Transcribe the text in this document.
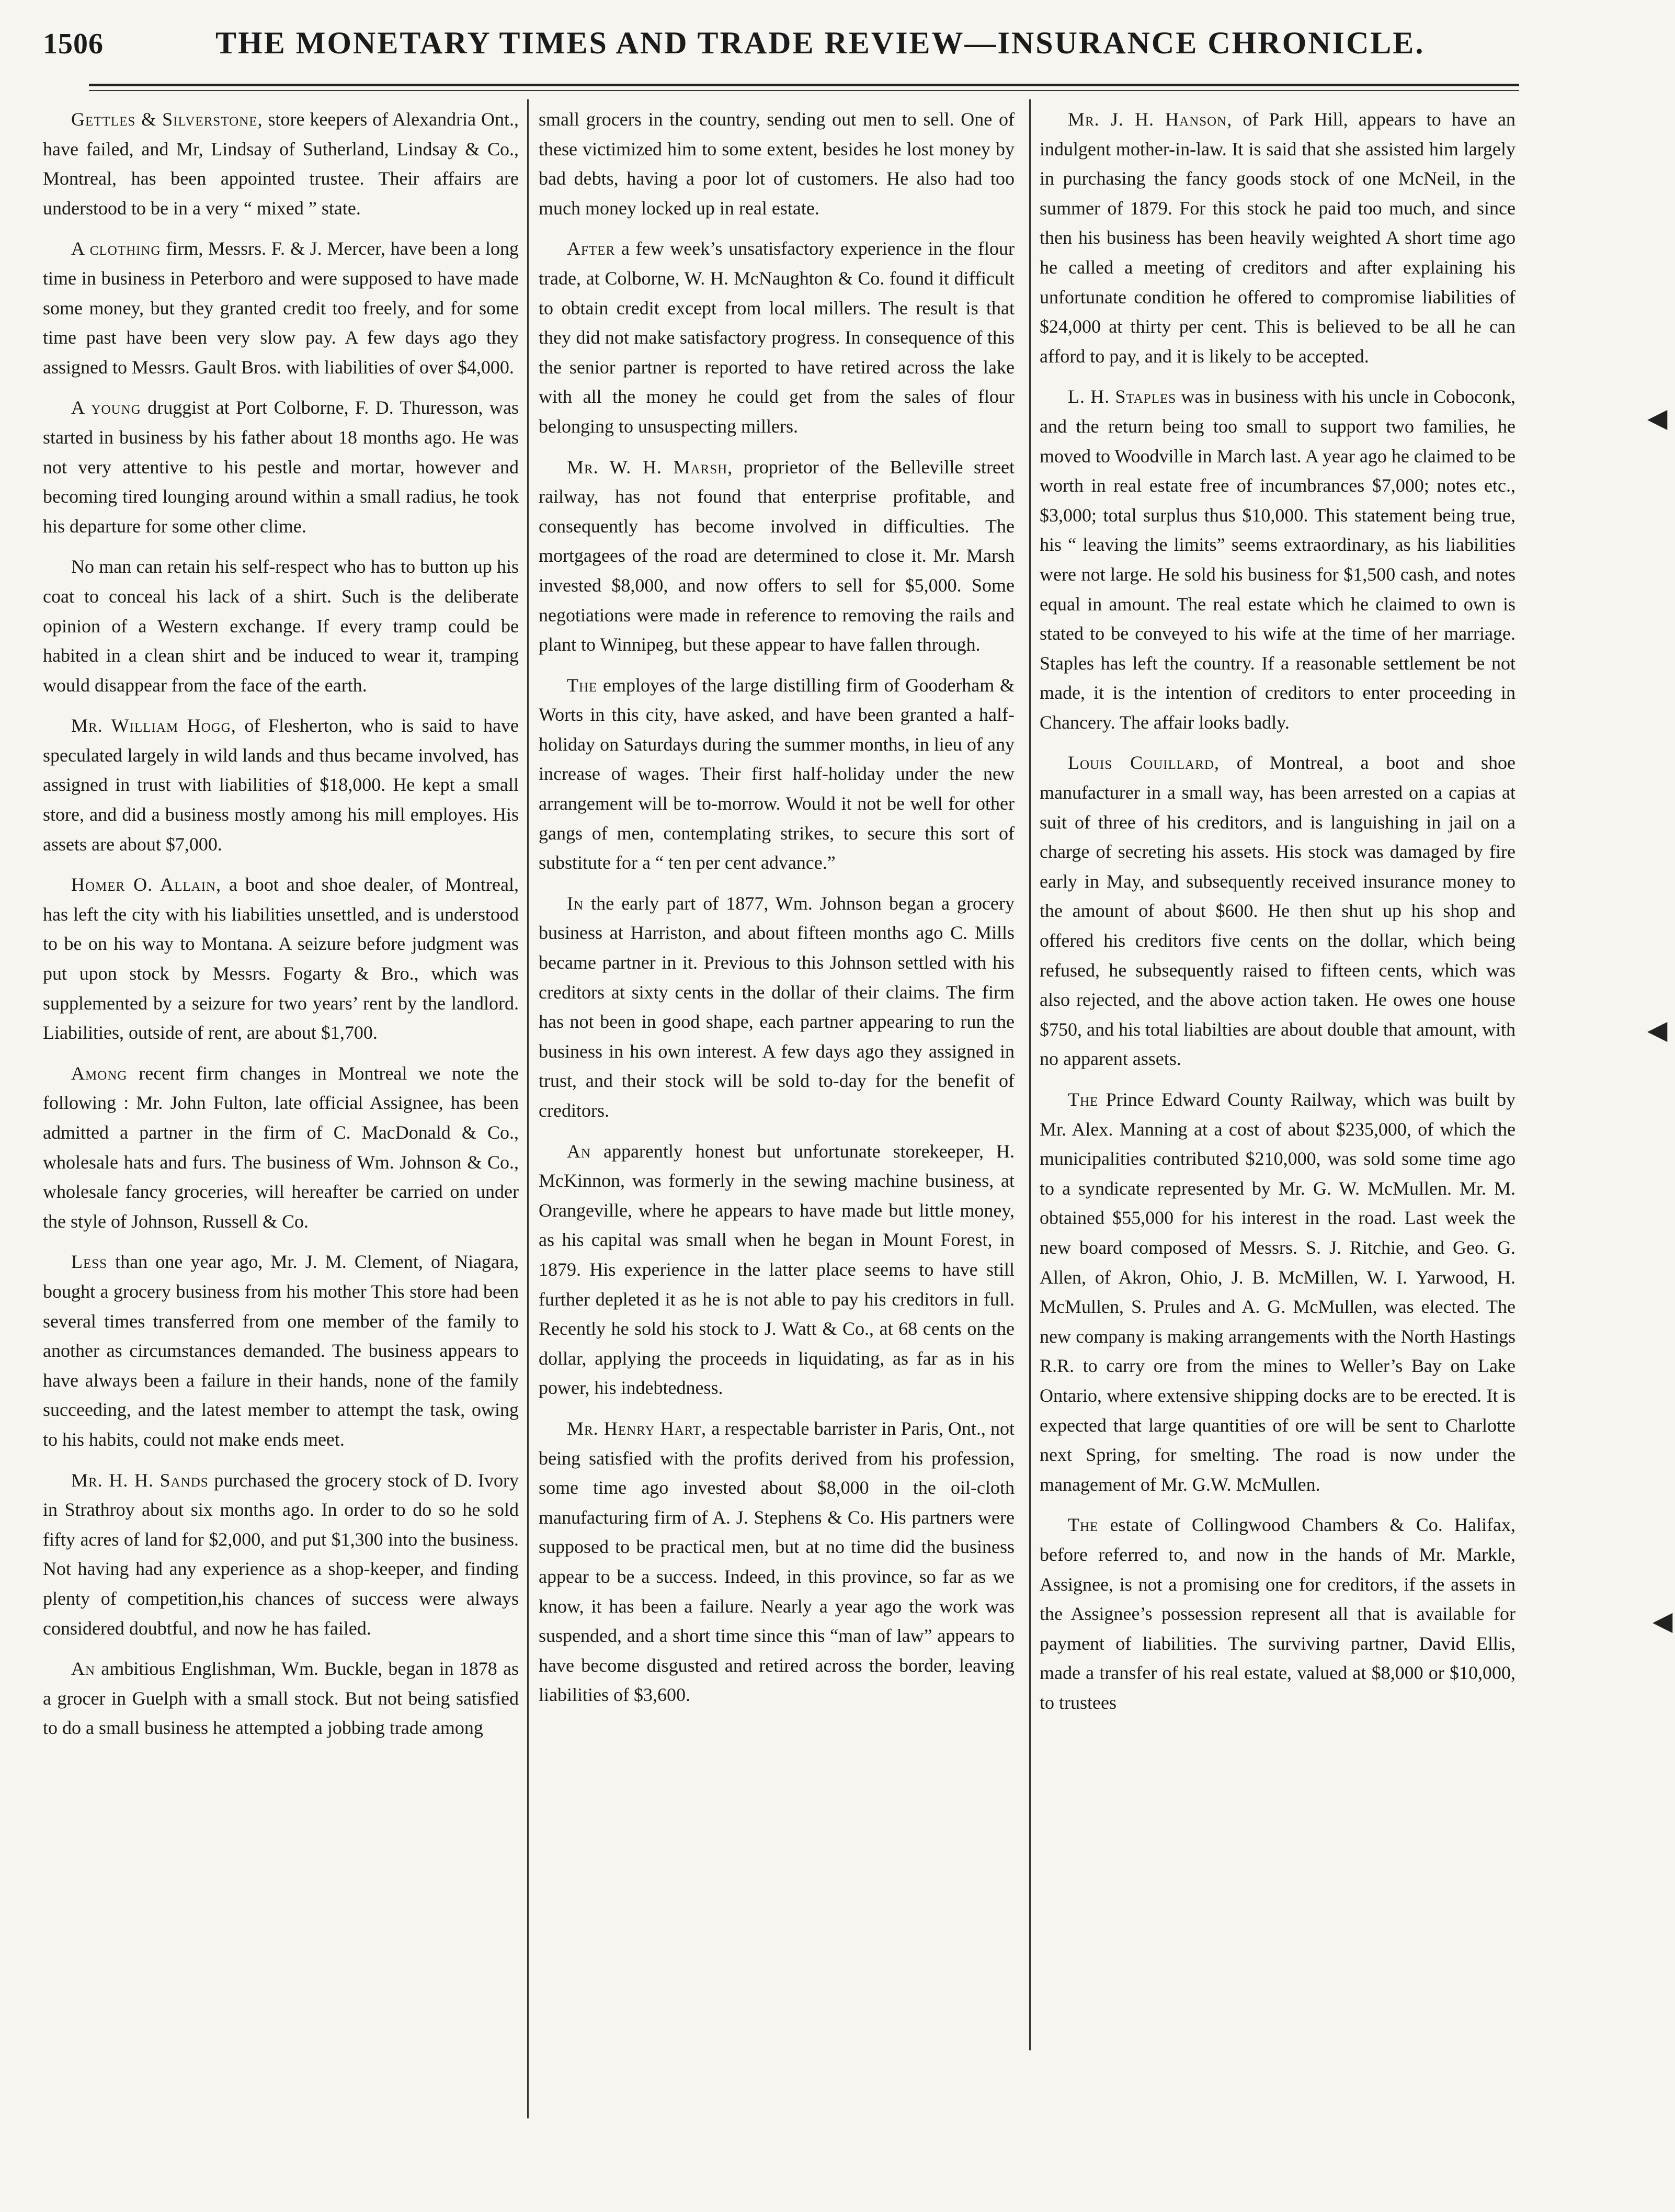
1506	THE MONETARY TIMES AND TRADE REVIEW—INSURANCE CHRONICLE.

Gettles & Silverstone, store keepers of Alexandria Ont., have failed, and Mr, Lindsay of Sutherland, Lindsay & Co., Montreal, has been appointed trustee. Their affairs are understood to be in a very “ mixed ” state.

A clothing firm, Messrs. F. & J. Mercer, have been a long time in business in Peterboro and were supposed to have made some money, but they granted credit too freely, and for some time past have been very slow pay. A few days ago they assigned to Messrs. Gault Bros. with liabilities of over $4,000.

A young druggist at Port Colborne, F. D. Thuresson, was started in business by his father about 18 months ago. He was not very attentive to his pestle and mortar, however and becoming tired lounging around within a small radius, he took his departure for some other clime.

No man can retain his self-respect who has to button up his coat to conceal his lack of a shirt. Such is the deliberate opinion of a Western exchange. If every tramp could be habited in a clean shirt and be induced to wear it, tramping would disappear from the face of the earth.

Mr. William Hogg, of Flesherton, who is said to have speculated largely in wild lands and thus became involved, has assigned in trust with liabilities of $18,000. He kept a small store, and did a business mostly among his mill employes. His assets are about $7,000.

Homer O. Allain, a boot and shoe dealer, of Montreal, has left the city with his liabilities unsettled, and is understood to be on his way to Montana. A seizure before judgment was put upon stock by Messrs. Fogarty & Bro., which was supplemented by a seizure for two years’ rent by the landlord. Liabilities, outside of rent, are about $1,700.

Among recent firm changes in Montreal we note the following : Mr. John Fulton, late official Assignee, has been admitted a partner in the firm of C. MacDonald & Co., wholesale hats and furs. The business of Wm. Johnson & Co., wholesale fancy groceries, will hereafter be carried on under the style of Johnson, Russell & Co.

Less than one year ago, Mr. J. M. Clement, of Niagara, bought a grocery business from his mother This store had been several times transferred from one member of the family to another as circumstances demanded. The business appears to have always been a failure in their hands, none of the family succeeding, and the latest member to attempt the task, owing to his habits, could not make ends meet.

Mr. H. H. Sands purchased the grocery stock of D. Ivory in Strathroy about six months ago. In order to do so he sold fifty acres of land for $2,000, and put $1,300 into the business. Not having had any experience as a shop-keeper, and finding plenty of competition,his chances of success were always considered doubtful, and now he has failed.

An ambitious Englishman, Wm. Buckle, began in 1878 as a grocer in Guelph with a small stock. But not being satisfied to do a small business he attempted a jobbing trade among

small grocers in the country, sending out men to sell. One of these victimized him to some extent, besides he lost money by bad debts, having a poor lot of customers. He also had too much money locked up in real estate.

After a few week’s unsatisfactory experience in the flour trade, at Colborne, W. H. McNaughton & Co. found it difficult to obtain credit except from local millers. The result is that they did not make satisfactory progress. In consequence of this the senior partner is reported to have retired across the lake with all the money he could get from the sales of flour belonging to unsuspecting millers.

Mr. W. H. Marsh, proprietor of the Belleville street railway, has not found that enterprise profitable, and consequently has become involved in difficulties. The mortgagees of the road are determined to close it. Mr. Marsh invested $8,000, and now offers to sell for $5,000. Some negotiations were made in reference to removing the rails and plant to Winnipeg, but these appear to have fallen through.

The employes of the large distilling firm of Gooderham & Worts in this city, have asked, and have been granted a half-holiday on Saturdays during the summer months, in lieu of any increase of wages. Their first half-holiday under the new arrangement will be to-morrow. Would it not be well for other gangs of men, contemplating strikes, to secure this sort of substitute for a “ ten per cent advance.”

In the early part of 1877, Wm. Johnson began a grocery business at Harriston, and about fifteen months ago C. Mills became partner in it. Previous to this Johnson settled with his creditors at sixty cents in the dollar of their claims. The firm has not been in good shape, each partner appearing to run the business in his own interest. A few days ago they assigned in trust, and their stock will be sold to-day for the benefit of creditors.

An apparently honest but unfortunate storekeeper, H. McKinnon, was formerly in the sewing machine business, at Orangeville, where he appears to have made but little money, as his capital was small when he began in Mount Forest, in 1879. His experience in the latter place seems to have still further depleted it as he is not able to pay his creditors in full. Recently he sold his stock to J. Watt & Co., at 68 cents on the dollar, applying the proceeds in liquidating, as far as in his power, his indebtedness.

Mr. Henry Hart, a respectable barrister in Paris, Ont., not being satisfied with the profits derived from his profession, some time ago invested about $8,000 in the oil-cloth manufacturing firm of A. J. Stephens & Co. His partners were supposed to be practical men, but at no time did the business appear to be a success. Indeed, in this province, so far as we know, it has been a failure. Nearly a year ago the work was suspended, and a short time since this “man of law” appears to have become disgusted and retired across the border, leaving liabilities of $3,600.

Mr. J. H. Hanson, of Park Hill, appears to have an indulgent mother-in-law. It is said that she assisted him largely in purchasing the fancy goods stock of one McNeil, in the summer of 1879. For this stock he paid too much, and since then his business has been heavily weighted A short time ago he called a meeting of creditors and after explaining his unfortunate condition he offered to compromise liabilities of $24,000 at thirty per cent. This is believed to be all he can afford to pay, and it is likely to be accepted.

L. H. Staples was in business with his uncle in Coboconk, and the return being too small to support two families, he moved to Woodville in March last. A year ago he claimed to be worth in real estate free of incumbrances $7,000; notes etc., $3,000; total surplus thus $10,000. This statement being true, his “ leaving the limits” seems extraordinary, as his liabilities were not large. He sold his business for $1,500 cash, and notes equal in amount. The real estate which he claimed to own is stated to be conveyed to his wife at the time of her marriage. Staples has left the country. If a reasonable settlement be not made, it is the intention of creditors to enter proceeding in Chancery. The affair looks badly.

Louis Couillard, of Montreal, a boot and shoe manufacturer in a small way, has been arrested on a capias at suit of three of his creditors, and is languishing in jail on a charge of secreting his assets. His stock was damaged by fire early in May, and subsequently received insurance money to the amount of about $600. He then shut up his shop and offered his creditors five cents on the dollar, which being refused, he subsequently raised to fifteen cents, which was also rejected, and the above action taken. He owes one house $750, and his total liabilties are about double that amount, with no apparent assets.

The Prince Edward County Railway, which was built by Mr. Alex. Manning at a cost of about $235,000, of which the municipalities contributed $210,000, was sold some time ago to a syndicate represented by Mr. G. W. McMullen. Mr. M. obtained $55,000 for his interest in the road. Last week the new board composed of Messrs. S. J. Ritchie, and Geo. G. Allen, of Akron, Ohio, J. B. McMillen, W. I. Yarwood, H. McMullen, S. Prules and A. G. McMullen, was elected. The new company is making arrangements with the North Hastings R.R. to carry ore from the mines to Weller’s Bay on Lake Ontario, where extensive shipping docks are to be erected. It is expected that large quantities of ore will be sent to Charlotte next Spring, for smelting. The road is now under the management of Mr. G.W. McMullen.

The estate of Collingwood Chambers & Co. Halifax, before referred to, and now in the hands of Mr. Markle, Assignee, is not a promising one for creditors, if the assets in the Assignee’s possession represent all that is available for payment of liabilities. The surviving partner, David Ellis, made a transfer of his real estate, valued at $8,000 or $10,000, to trustees

◀
◀
◀
